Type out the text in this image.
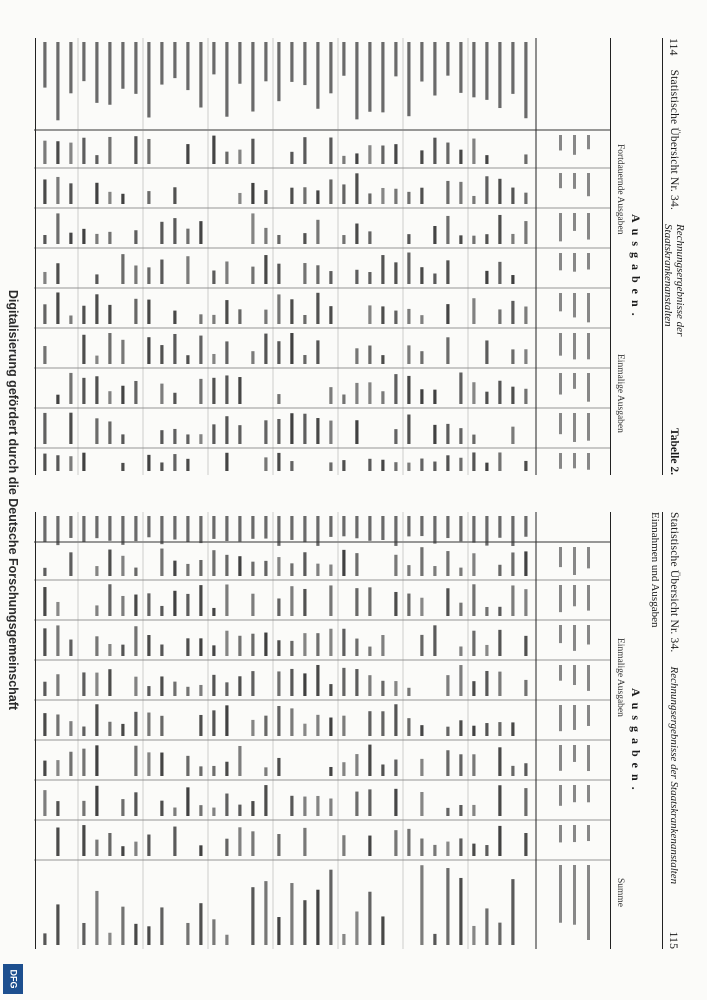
Digitalisierung gefördert durch die Deutsche Forschungsgemeinschaft
DFG
114
Statistische Übersicht Nr. 34.
Rechnungsergebnisse der Staatskrankenanstalten
Tabelle 2.
Ausgaben.
Fortdauernde Ausgaben
Einmalige Ausgaben
Statistische Übersicht Nr. 34.
Rechnungsergebnisse der Staatskrankenanstalten
115
Einnahmen und Ausgaben
Ausgaben.
Einmalige Ausgaben
Summe
